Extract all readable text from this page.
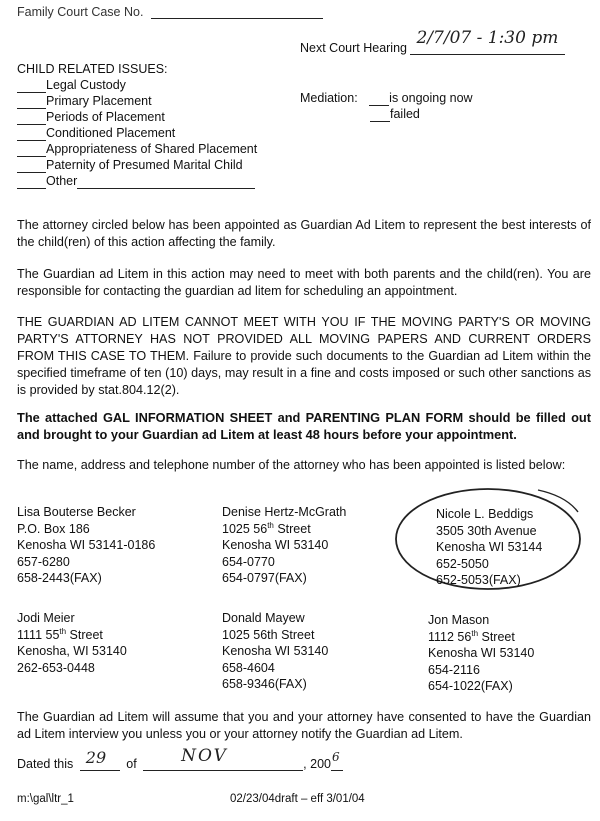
Family Court Case No.
Next Court Hearing 2/7/07 - 1:30 pm
CHILD RELATED ISSUES:
Legal Custody
Primary Placement
Periods of Placement
Conditioned Placement
Appropriateness of Shared Placement
Paternity of Presumed Marital Child
Other
Mediation:	is ongoing now
failed
The attorney circled below has been appointed as Guardian Ad Litem to represent the best interests of the child(ren) of this action affecting the family.
The Guardian ad Litem in this action may need to meet with both parents and the child(ren). You are responsible for contacting the guardian ad litem for scheduling an appointment.
THE GUARDIAN AD LITEM CANNOT MEET WITH YOU IF THE MOVING PARTY'S OR MOVING PARTY'S ATTORNEY HAS NOT PROVIDED ALL MOVING PAPERS AND CURRENT ORDERS FROM THIS CASE TO THEM. Failure to provide such documents to the Guardian ad Litem within the specified timeframe of ten (10) days, may result in a fine and costs imposed or such other sanctions as is provided by stat.804.12(2).
The attached GAL INFORMATION SHEET and PARENTING PLAN FORM should be filled out and brought to your Guardian ad Litem at least 48 hours before your appointment.
The name, address and telephone number of the attorney who has been appointed is listed below:
Lisa Bouterse Becker
P.O. Box 186
Kenosha WI 53141-0186
657-6280
658-2443(FAX)
Denise Hertz-McGrath
1025 56th Street
Kenosha WI 53140
654-0770
654-0797(FAX)
Nicole L. Beddigs
3505 30th Avenue
Kenosha WI 53144
652-5050
652-5053(FAX)
Jodi Meier
1111 55th Street
Kenosha, WI 53140
262-653-0448
Donald Mayew
1025 56th Street
Kenosha WI 53140
658-4604
658-9346(FAX)
Jon Mason
1112 56th Street
Kenosha WI 53140
654-2116
654-1022(FAX)
The Guardian ad Litem will assume that you and your attorney have consented to have the Guardian ad Litem interview you unless you or your attorney notify the Guardian ad Litem.
Dated this 29 of	NOV	, 200 6
m:\gal\ltr_1	02/23/04draft – eff 3/01/04
